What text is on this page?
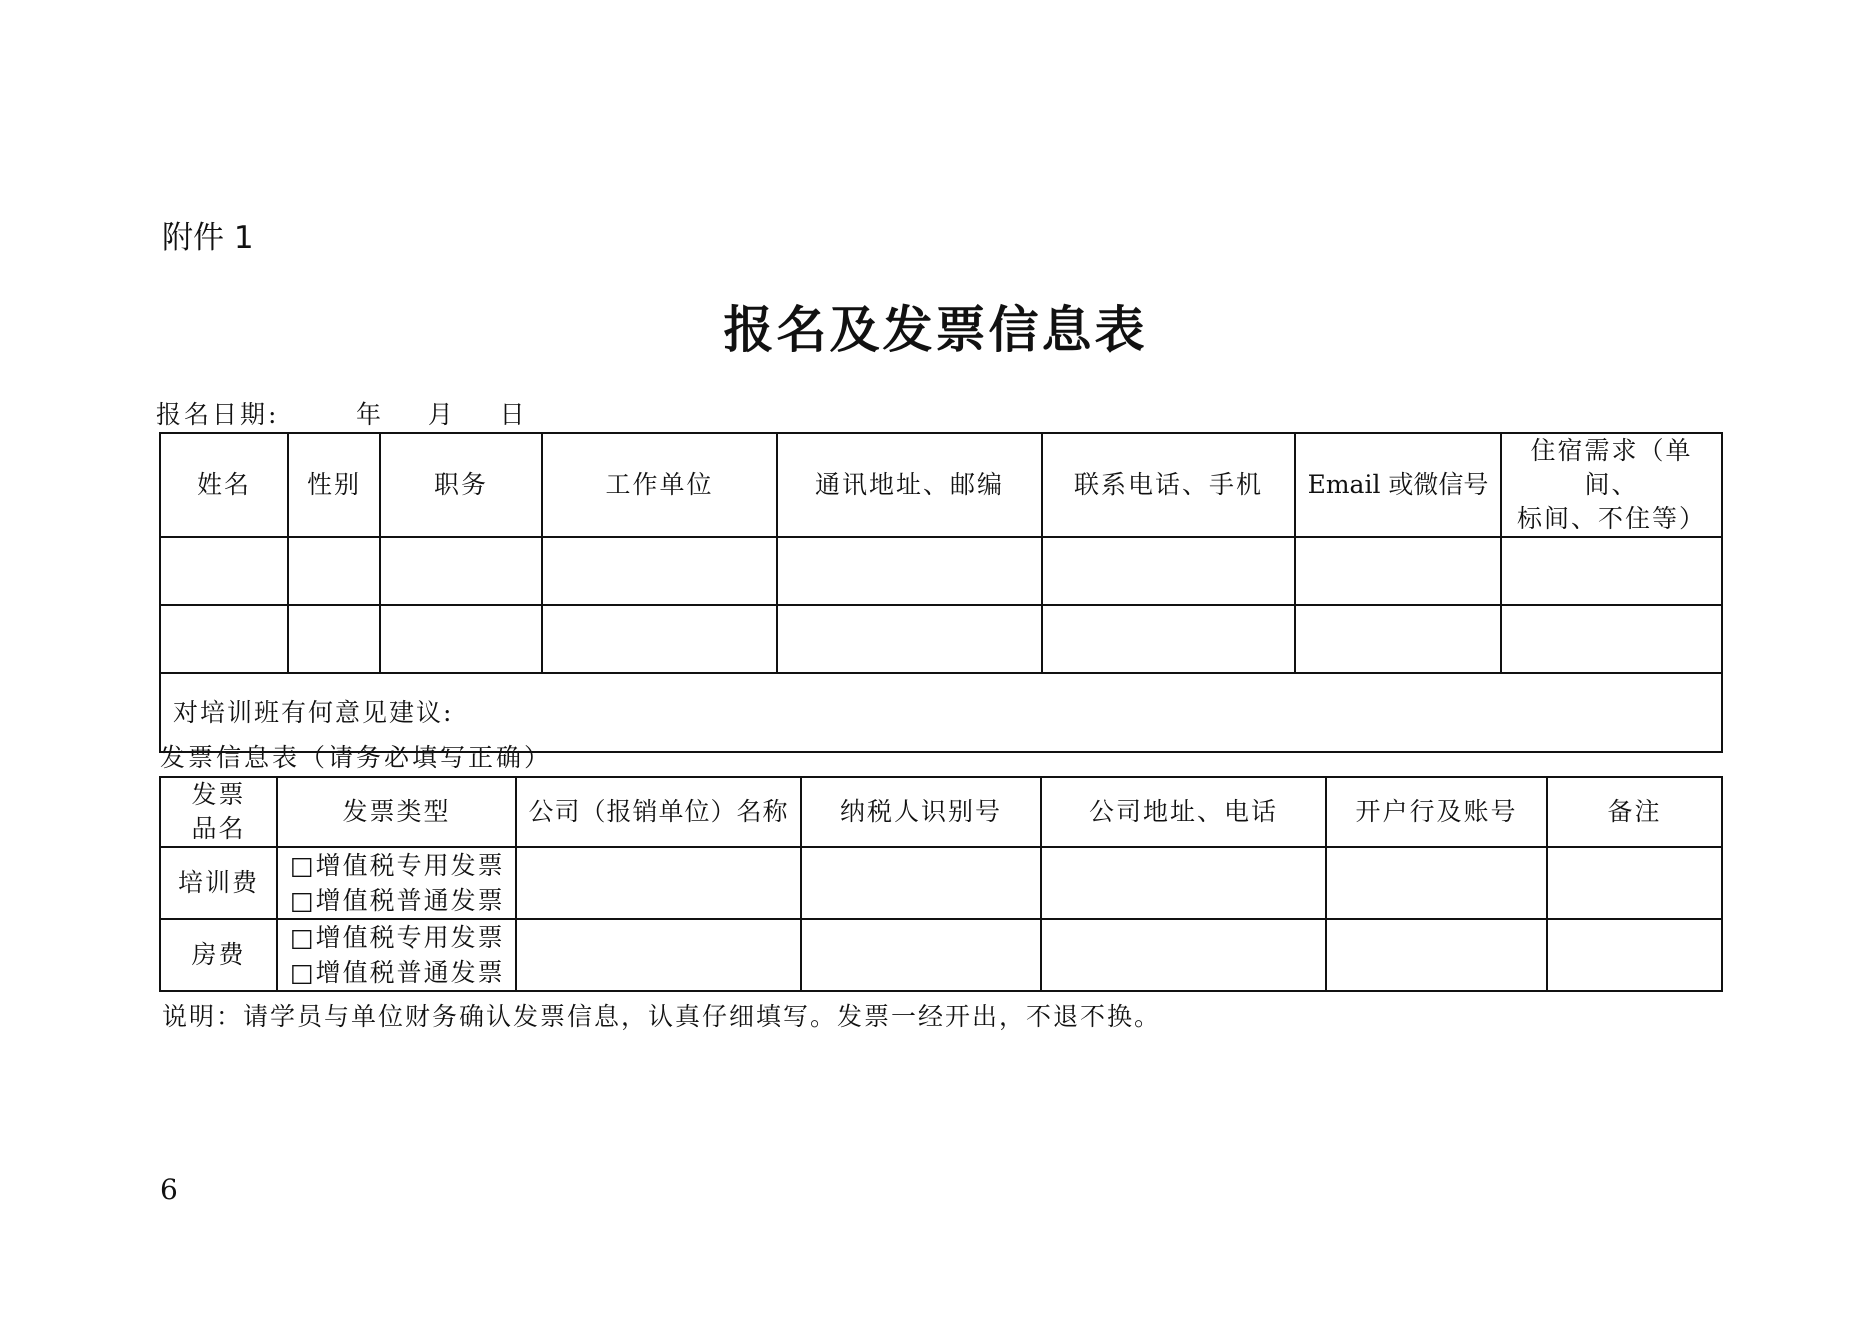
附件 1
报名及发票信息表
报名日期:       年    月    日
姓名	性别	职务	工作单位	通讯地址、邮编	联系电话、手机	Email 或微信号	住宿需求（单间、
标间、不住等）

对培训班有何意见建议:							
发票信息表（请务必填写正确）
发票
品名	发票类型	公司（报销单位）名称	纳税人识别号	公司地址、电话	开户行及账号	备注
培训费	□增值税专用发票
□增值税普通发票					

房费	□增值税专用发票
□增值税普通发票					

说明：请学员与单位财务确认发票信息，认真仔细填写。发票一经开出，不退不换。
6
